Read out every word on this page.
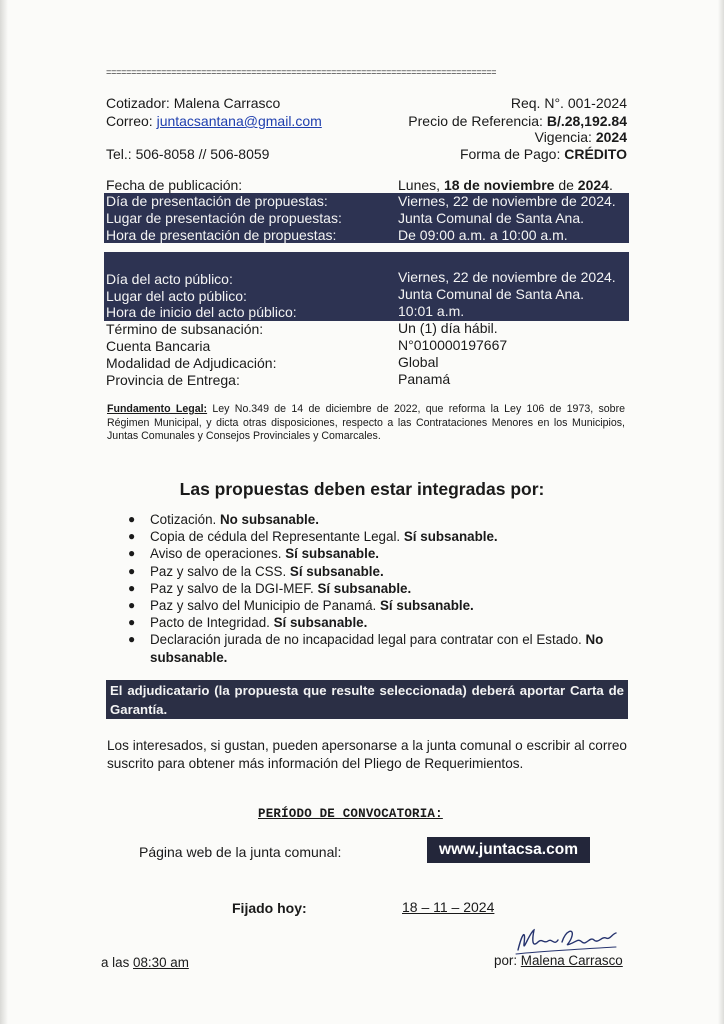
==============================================================================
Cotizador: Malena Carrasco
Correo: juntacsantana@gmail.com
Tel.: 506-8058 // 506-8059
Req. N°. 001-2024
Precio de Referencia: B/.28,192.84
Vigencia: 2024
Forma de Pago: CRÉDITO
Fecha de publicación:	Lunes, 18 de noviembre de 2024.
Día de presentación de propuestas:	Viernes, 22 de noviembre de 2024.
Lugar de presentación de propuestas:	Junta Comunal de Santa Ana.
Hora de presentación de propuestas:	De 09:00 a.m. a 10:00 a.m.
Día del acto público:	Viernes, 22 de noviembre de 2024.
Lugar del acto público:	Junta Comunal de Santa Ana.
Hora de inicio del acto público:	10:01 a.m.
Término de subsanación:	Un (1) día hábil.
Cuenta Bancaria	N°010000197667
Modalidad de Adjudicación:	Global
Provincia de Entrega:	Panamá
Fundamento Legal: Ley No.349 de 14 de diciembre de 2022, que reforma la Ley 106 de 1973, sobre Régimen Municipal, y dicta otras disposiciones, respecto a las Contrataciones Menores en los Municipios, Juntas Comunales y Consejos Provinciales y Comarcales.
Las propuestas deben estar integradas por:
● Cotización. No subsanable.
● Copia de cédula del Representante Legal. Sí subsanable.
● Aviso de operaciones. Sí subsanable.
● Paz y salvo de la CSS. Sí subsanable.
● Paz y salvo de la DGI-MEF. Sí subsanable.
● Paz y salvo del Municipio de Panamá. Sí subsanable.
● Pacto de Integridad. Sí subsanable.
● Declaración jurada de no incapacidad legal para contratar con el Estado. No subsanable.
El adjudicatario (la propuesta que resulte seleccionada) deberá aportar Carta de Garantía.
Los interesados, si gustan, pueden apersonarse a la junta comunal o escribir al correo suscrito para obtener más información del Pliego de Requerimientos.
PERÍODO DE CONVOCATORIA:
Página web de la junta comunal:	www.juntacsa.com
Fijado hoy:	18 – 11 – 2024
a las 08:30 am	por: Malena Carrasco
